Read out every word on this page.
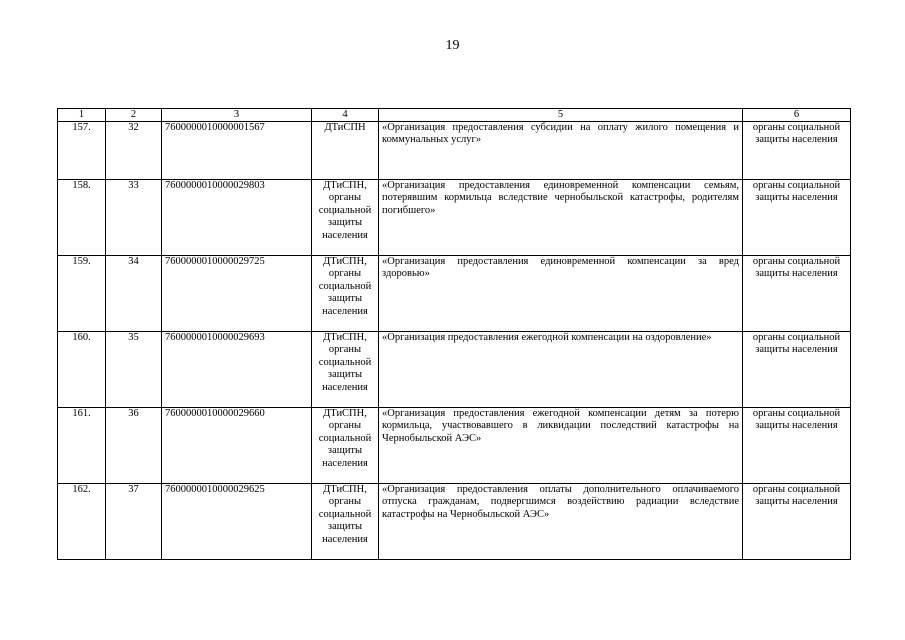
19
1	2	3	4	5	6
157.	32	7600000010000001567	ДТиСПН	«Организация предоставления субсидии на оплату жилого помещения и коммунальных услуг»	органы социальной защиты населения
158.	33	7600000010000029803	ДТиСПН, органы социальной защиты населения	«Организация предоставления единовременной компенсации семьям, потерявшим кормильца вследствие чернобыльской катастрофы, родителям погибшего»	органы социальной защиты населения
159.	34	7600000010000029725	ДТиСПН, органы социальной защиты населения	«Организация предоставления единовременной компенсации за вред здоровью»	органы социальной защиты населения
160.	35	7600000010000029693	ДТиСПН, органы социальной защиты населения	«Организация предоставления ежегодной компенсации на оздоровление»	органы социальной защиты населения
161.	36	7600000010000029660	ДТиСПН, органы социальной защиты населения	«Организация предоставления ежегодной компенсации детям за потерю кормильца, участвовавшего в ликвидации последствий катастрофы на Чернобыльской АЭС»	органы социальной защиты населения
162.	37	7600000010000029625	ДТиСПН, органы социальной защиты населения	«Организация предоставления оплаты дополнительного оплачиваемого отпуска гражданам, подвергшимся воздействию радиации вследствие катастрофы на Чернобыльской АЭС»	органы социальной защиты населения
